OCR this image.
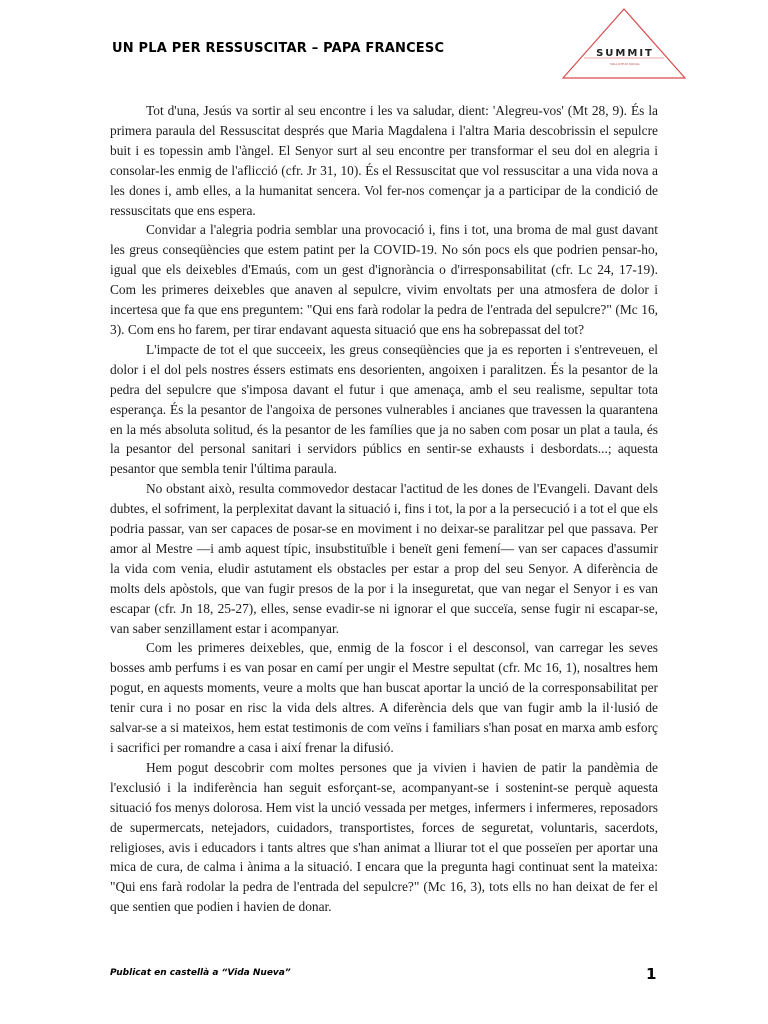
UN PLA PER RESSUSCITAR – PAPA FRANCESC	SUMMIT
SOLLICITUD SOCIAL

Tot d'una, Jesús va sortir al seu encontre i les va saludar, dient: 'Alegreu-vos' (Mt 28, 9). És la primera paraula del Ressuscitat després que Maria Magdalena i l'altra Maria descobrissin el sepulcre buit i es topessin amb l'àngel. El Senyor surt al seu encontre per transformar el seu dol en alegria i consolar-les enmig de l'aflicció (cfr. Jr 31, 10). És el Ressuscitat que vol ressuscitar a una vida nova a les dones i, amb elles, a la humanitat sencera. Vol fer-nos començar ja a participar de la condició de ressuscitats que ens espera.

Convidar a l'alegria podria semblar una provocació i, fins i tot, una broma de mal gust davant les greus conseqüències que estem patint per la COVID-19. No són pocs els que podrien pensar-ho, igual que els deixebles d'Emaús, com un gest d'ignorància o d'irresponsabilitat (cfr. Lc 24, 17-19). Com les primeres deixebles que anaven al sepulcre, vivim envoltats per una atmosfera de dolor i incertesa que fa que ens preguntem: "Qui ens farà rodolar la pedra de l'entrada del sepulcre?" (Mc 16, 3). Com ens ho farem, per tirar endavant aquesta situació que ens ha sobrepassat del tot?

L'impacte de tot el que succeeix, les greus conseqüències que ja es reporten i s'entreveuen, el dolor i el dol pels nostres éssers estimats ens desorienten, angoixen i paralitzen. És la pesantor de la pedra del sepulcre que s'imposa davant el futur i que amenaça, amb el seu realisme, sepultar tota esperança. És la pesantor de l'angoixa de persones vulnerables i ancianes que travessen la quarantena en la més absoluta solitud, és la pesantor de les famílies que ja no saben com posar un plat a taula, és la pesantor del personal sanitari i servidors públics en sentir-se exhausts i desbordats...; aquesta pesantor que sembla tenir l'última paraula.

No obstant això, resulta commovedor destacar l'actitud de les dones de l'Evangeli. Davant dels dubtes, el sofriment, la perplexitat davant la situació i, fins i tot, la por a la persecució i a tot el que els podria passar, van ser capaces de posar-se en moviment i no deixar-se paralitzar pel que passava. Per amor al Mestre —i amb aquest típic, insubstituïble i beneït geni femení— van ser capaces d'assumir la vida com venia, eludir astutament els obstacles per estar a prop del seu Senyor. A diferència de molts dels apòstols, que van fugir presos de la por i la inseguretat, que van negar el Senyor i es van escapar (cfr. Jn 18, 25-27), elles, sense evadir-se ni ignorar el que succeïa, sense fugir ni escapar-se, van saber senzillament estar i acompanyar.

Com les primeres deixebles, que, enmig de la foscor i el desconsol, van carregar les seves bosses amb perfums i es van posar en camí per ungir el Mestre sepultat (cfr. Mc 16, 1), nosaltres hem pogut, en aquests moments, veure a molts que han buscat aportar la unció de la corresponsabilitat per tenir cura i no posar en risc la vida dels altres. A diferència dels que van fugir amb la il·lusió de salvar-se a si mateixos, hem estat testimonis de com veïns i familiars s'han posat en marxa amb esforç i sacrifici per romandre a casa i així frenar la difusió.

Hem pogut descobrir com moltes persones que ja vivien i havien de patir la pandèmia de l'exclusió i la indiferència han seguit esforçant-se, acompanyant-se i sostenint-se perquè aquesta situació fos menys dolorosa. Hem vist la unció vessada per metges, infermers i infermeres, reposadors de supermercats, netejadors, cuidadors, transportistes, forces de seguretat, voluntaris, sacerdots, religioses, avis i educadors i tants altres que s'han animat a lliurar tot el que posseïen per aportar una mica de cura, de calma i ànima a la situació. I encara que la pregunta hagi continuat sent la mateixa: "Qui ens farà rodolar la pedra de l'entrada del sepulcre?" (Mc 16, 3), tots ells no han deixat de fer el que sentien que podien i havien de donar.

Publicat en castellà a “Vida Nueva”	1
